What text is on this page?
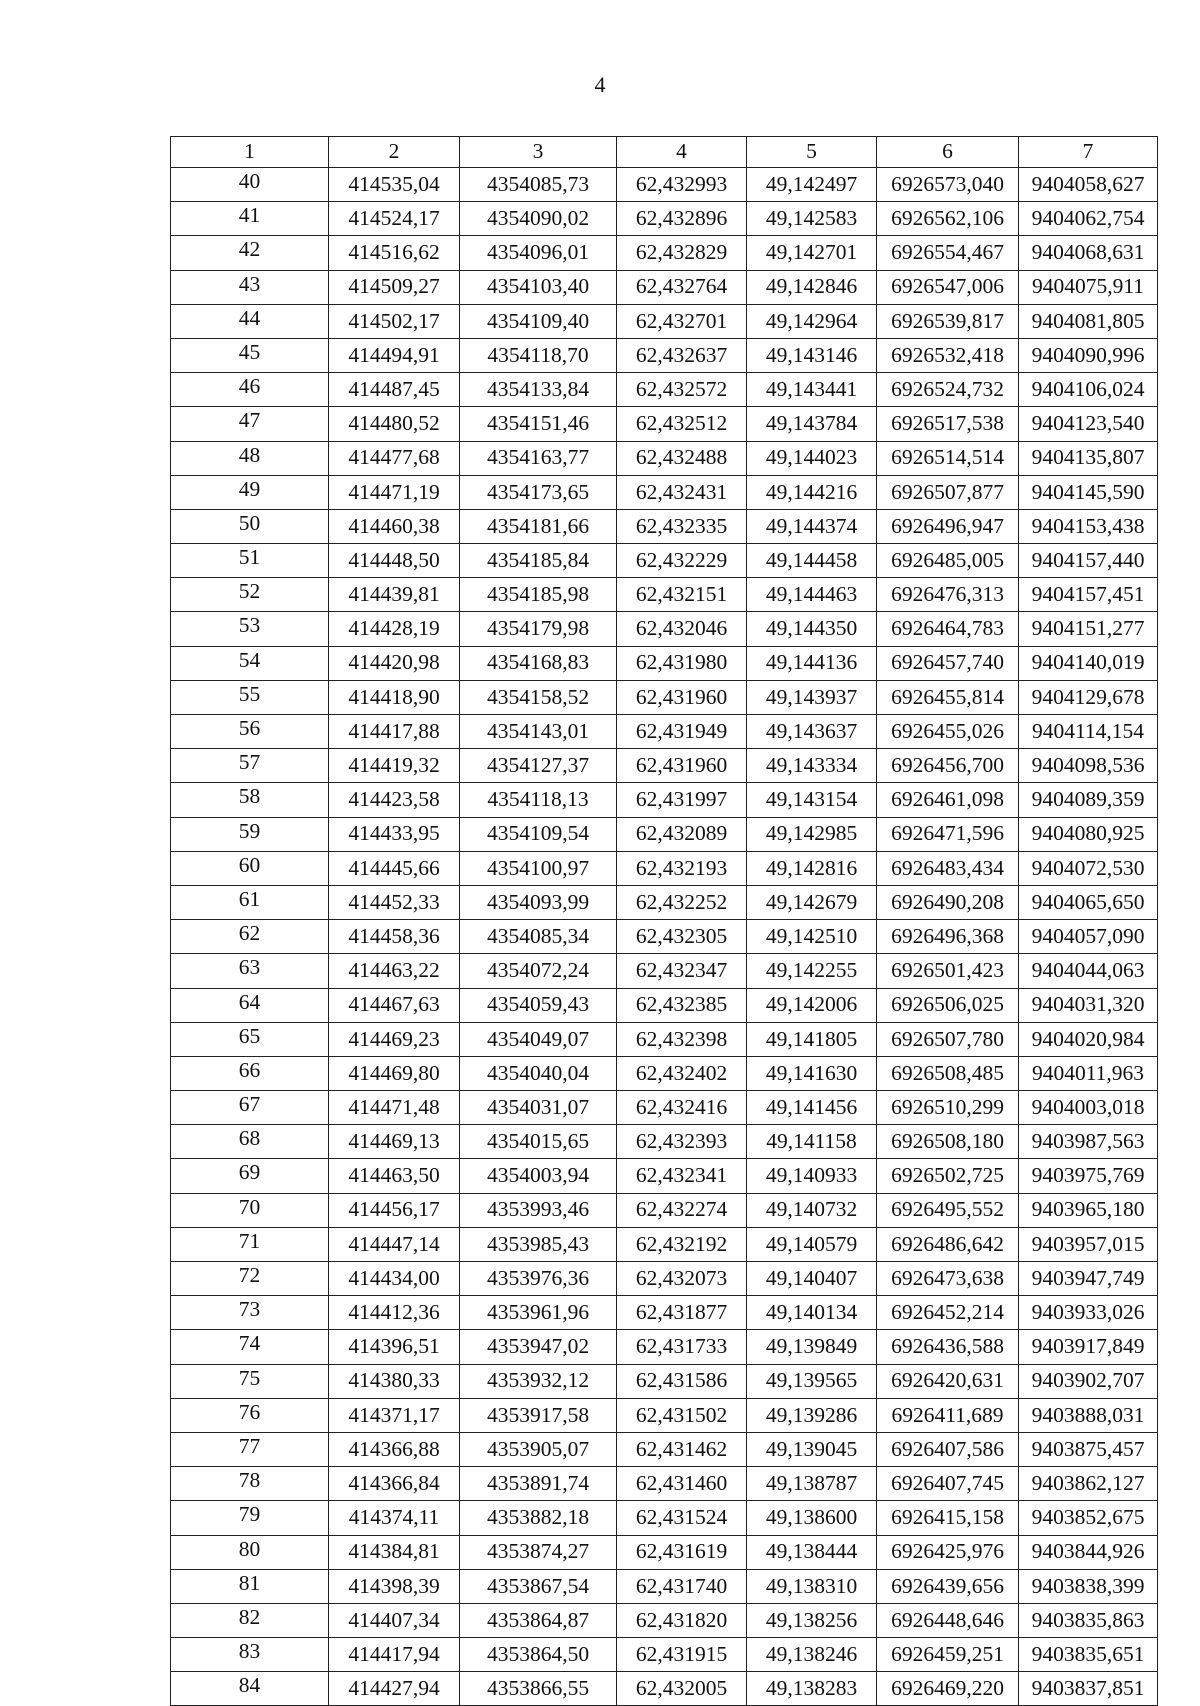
4
1	2	3	4	5	6	7
40	414535,04	4354085,73	62,432993	49,142497	6926573,040	9404058,627
41	414524,17	4354090,02	62,432896	49,142583	6926562,106	9404062,754
42	414516,62	4354096,01	62,432829	49,142701	6926554,467	9404068,631
43	414509,27	4354103,40	62,432764	49,142846	6926547,006	9404075,911
44	414502,17	4354109,40	62,432701	49,142964	6926539,817	9404081,805
45	414494,91	4354118,70	62,432637	49,143146	6926532,418	9404090,996
46	414487,45	4354133,84	62,432572	49,143441	6926524,732	9404106,024
47	414480,52	4354151,46	62,432512	49,143784	6926517,538	9404123,540
48	414477,68	4354163,77	62,432488	49,144023	6926514,514	9404135,807
49	414471,19	4354173,65	62,432431	49,144216	6926507,877	9404145,590
50	414460,38	4354181,66	62,432335	49,144374	6926496,947	9404153,438
51	414448,50	4354185,84	62,432229	49,144458	6926485,005	9404157,440
52	414439,81	4354185,98	62,432151	49,144463	6926476,313	9404157,451
53	414428,19	4354179,98	62,432046	49,144350	6926464,783	9404151,277
54	414420,98	4354168,83	62,431980	49,144136	6926457,740	9404140,019
55	414418,90	4354158,52	62,431960	49,143937	6926455,814	9404129,678
56	414417,88	4354143,01	62,431949	49,143637	6926455,026	9404114,154
57	414419,32	4354127,37	62,431960	49,143334	6926456,700	9404098,536
58	414423,58	4354118,13	62,431997	49,143154	6926461,098	9404089,359
59	414433,95	4354109,54	62,432089	49,142985	6926471,596	9404080,925
60	414445,66	4354100,97	62,432193	49,142816	6926483,434	9404072,530
61	414452,33	4354093,99	62,432252	49,142679	6926490,208	9404065,650
62	414458,36	4354085,34	62,432305	49,142510	6926496,368	9404057,090
63	414463,22	4354072,24	62,432347	49,142255	6926501,423	9404044,063
64	414467,63	4354059,43	62,432385	49,142006	6926506,025	9404031,320
65	414469,23	4354049,07	62,432398	49,141805	6926507,780	9404020,984
66	414469,80	4354040,04	62,432402	49,141630	6926508,485	9404011,963
67	414471,48	4354031,07	62,432416	49,141456	6926510,299	9404003,018
68	414469,13	4354015,65	62,432393	49,141158	6926508,180	9403987,563
69	414463,50	4354003,94	62,432341	49,140933	6926502,725	9403975,769
70	414456,17	4353993,46	62,432274	49,140732	6926495,552	9403965,180
71	414447,14	4353985,43	62,432192	49,140579	6926486,642	9403957,015
72	414434,00	4353976,36	62,432073	49,140407	6926473,638	9403947,749
73	414412,36	4353961,96	62,431877	49,140134	6926452,214	9403933,026
74	414396,51	4353947,02	62,431733	49,139849	6926436,588	9403917,849
75	414380,33	4353932,12	62,431586	49,139565	6926420,631	9403902,707
76	414371,17	4353917,58	62,431502	49,139286	6926411,689	9403888,031
77	414366,88	4353905,07	62,431462	49,139045	6926407,586	9403875,457
78	414366,84	4353891,74	62,431460	49,138787	6926407,745	9403862,127
79	414374,11	4353882,18	62,431524	49,138600	6926415,158	9403852,675
80	414384,81	4353874,27	62,431619	49,138444	6926425,976	9403844,926
81	414398,39	4353867,54	62,431740	49,138310	6926439,656	9403838,399
82	414407,34	4353864,87	62,431820	49,138256	6926448,646	9403835,863
83	414417,94	4353864,50	62,431915	49,138246	6926459,251	9403835,651
84	414427,94	4353866,55	62,432005	49,138283	6926469,220	9403837,851
